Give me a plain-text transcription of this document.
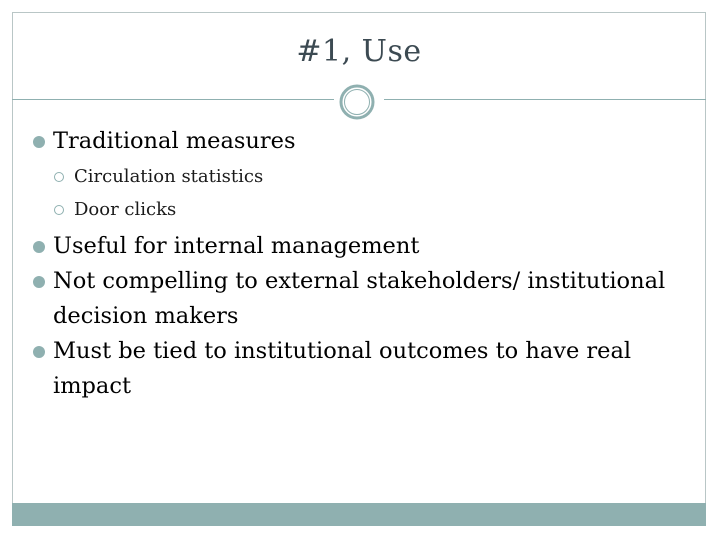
#1, Use
Traditional measures
Circulation statistics
Door clicks
Useful for internal management
Not compelling to external stakeholders/ institutional decision makers
Must be tied to institutional outcomes to have real impact
